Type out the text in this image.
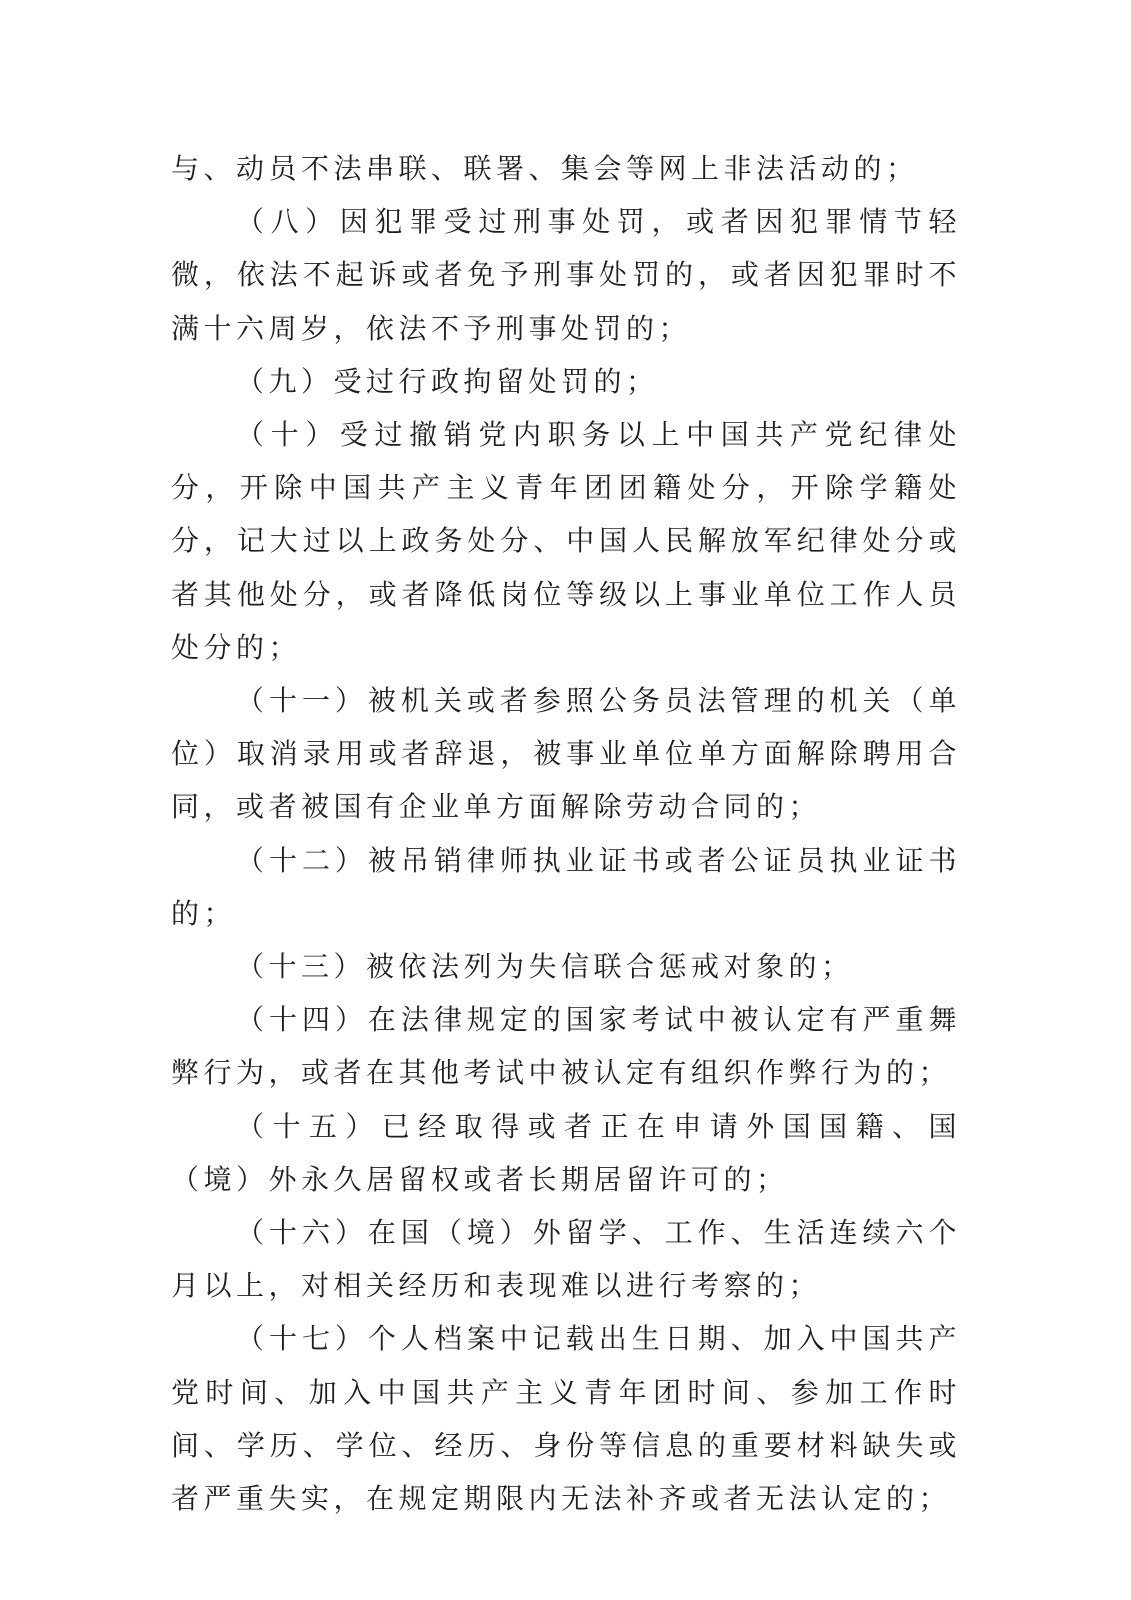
与、动员不法串联、联署、集会等网上非法活动的；

（八）因犯罪受过刑事处罚，或者因犯罪情节轻微，依法不起诉或者免予刑事处罚的，或者因犯罪时不满十六周岁，依法不予刑事处罚的；

（九）受过行政拘留处罚的；

（十）受过撤销党内职务以上中国共产党纪律处分，开除中国共产主义青年团团籍处分，开除学籍处分，记大过以上政务处分、中国人民解放军纪律处分或者其他处分，或者降低岗位等级以上事业单位工作人员处分的；

（十一）被机关或者参照公务员法管理的机关（单位）取消录用或者辞退，被事业单位单方面解除聘用合同，或者被国有企业单方面解除劳动合同的；

（十二）被吊销律师执业证书或者公证员执业证书的；

（十三）被依法列为失信联合惩戒对象的；

（十四）在法律规定的国家考试中被认定有严重舞弊行为，或者在其他考试中被认定有组织作弊行为的；

（十五）已经取得或者正在申请外国国籍、国（境）外永久居留权或者长期居留许可的；

（十六）在国（境）外留学、工作、生活连续六个月以上，对相关经历和表现难以进行考察的；

（十七）个人档案中记载出生日期、加入中国共产党时间、加入中国共产主义青年团时间、参加工作时间、学历、学位、经历、身份等信息的重要材料缺失或者严重失实，在规定期限内无法补齐或者无法认定的；
